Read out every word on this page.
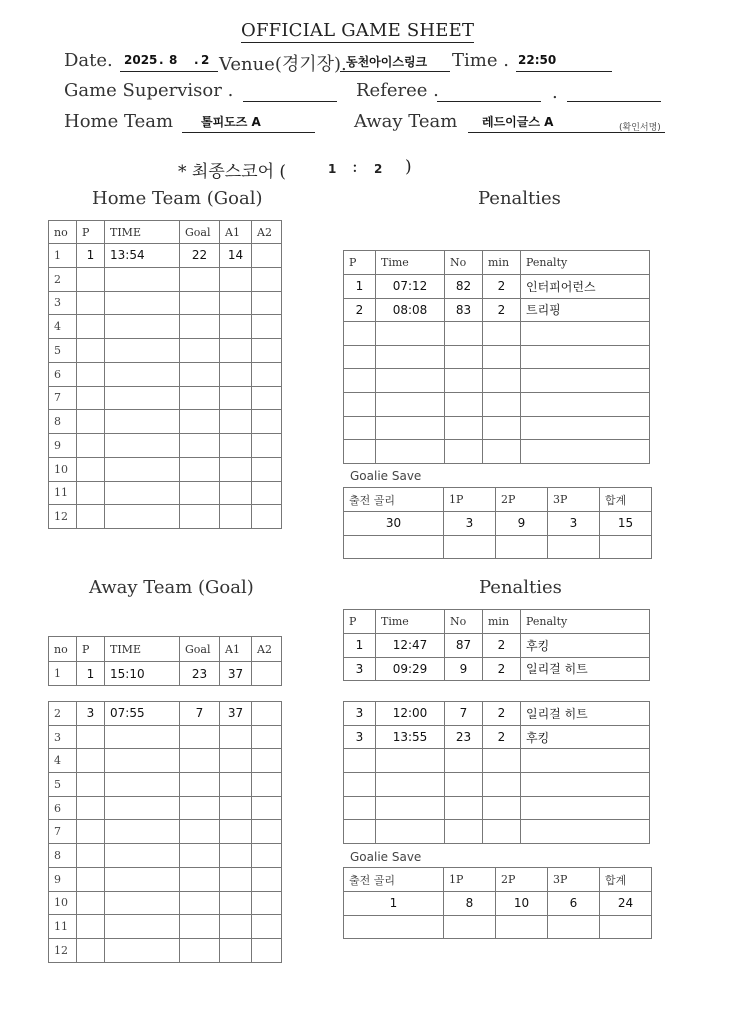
OFFICIAL GAME SHEET
Date. 2025 . 8 . 2 Venue(경기장). 동천아이스링크 Time . 22:50
Game Supervisor .	Referee .	.
Home Team 톨피도즈 A	Away Team 레드이글스 A	(확인서명)
* 최종스코어 (	1 : 2 )
Home Team (Goal)	Penalties
Away Team (Goal)	Penalties
Goalie Save
Goalie Save
no	P	TIME	Goal	A1	A2
1	1	13:54	22	14	
2					
3					
4					
5					
6					
7					
8					
9					
10					
11					
12					
P	Time	No	min	Penalty
1	07:12	82	2	인터피어런스
2	08:08	83	2	트리핑

출전 골리	1P	2P	3P	합계
30	3	9	3	15

no	P	TIME	Goal	A1	A2
1	1	15:10	23	37	
2	3	07:55	7	37	
3					
4					
5					
6					
7					
8					
9					
10					
11					
12					
P	Time	No	min	Penalty
1	12:47	87	2	후킹
3	09:29	9	2	일리걸 히트
3	12:00	7	2	일리걸 히트
3	13:55	23	2	후킹

출전 골리	1P	2P	3P	합계
1	8	10	6	24
